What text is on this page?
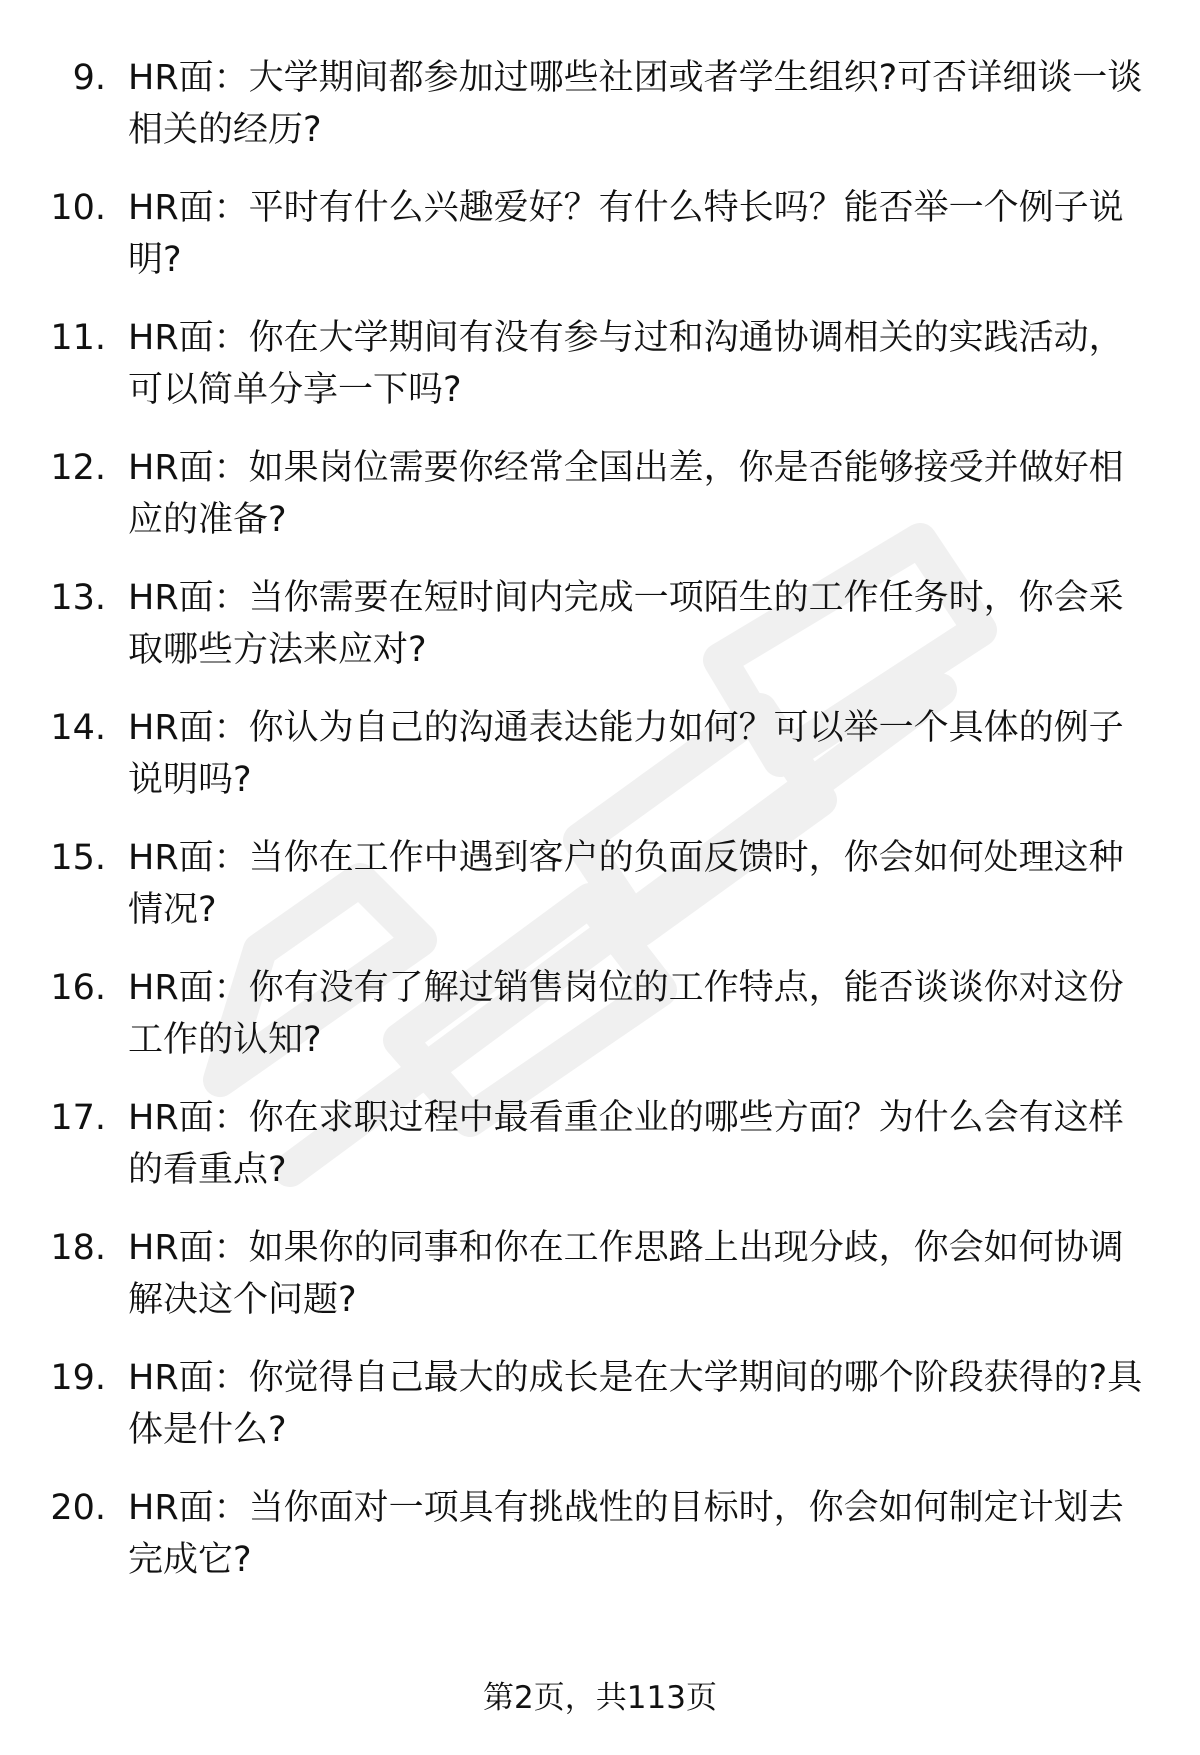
9. HR面：大学期间都参加过哪些社团或者学生组织?可否详细谈一谈相关的经历?
10. HR面：平时有什么兴趣爱好？有什么特长吗？能否举一个例子说明?
11. HR面：你在大学期间有没有参与过和沟通协调相关的实践活动，可以简单分享一下吗?
12. HR面：如果岗位需要你经常全国出差，你是否能够接受并做好相应的准备?
13. HR面：当你需要在短时间内完成一项陌生的工作任务时，你会采取哪些方法来应对?
14. HR面：你认为自己的沟通表达能力如何？可以举一个具体的例子说明吗?
15. HR面：当你在工作中遇到客户的负面反馈时，你会如何处理这种情况?
16. HR面：你有没有了解过销售岗位的工作特点，能否谈谈你对这份工作的认知?
17. HR面：你在求职过程中最看重企业的哪些方面？为什么会有这样的看重点?
18. HR面：如果你的同事和你在工作思路上出现分歧，你会如何协调解决这个问题?
19. HR面：你觉得自己最大的成长是在大学期间的哪个阶段获得的?具体是什么?
20. HR面：当你面对一项具有挑战性的目标时，你会如何制定计划去完成它?
第2页，共113页
